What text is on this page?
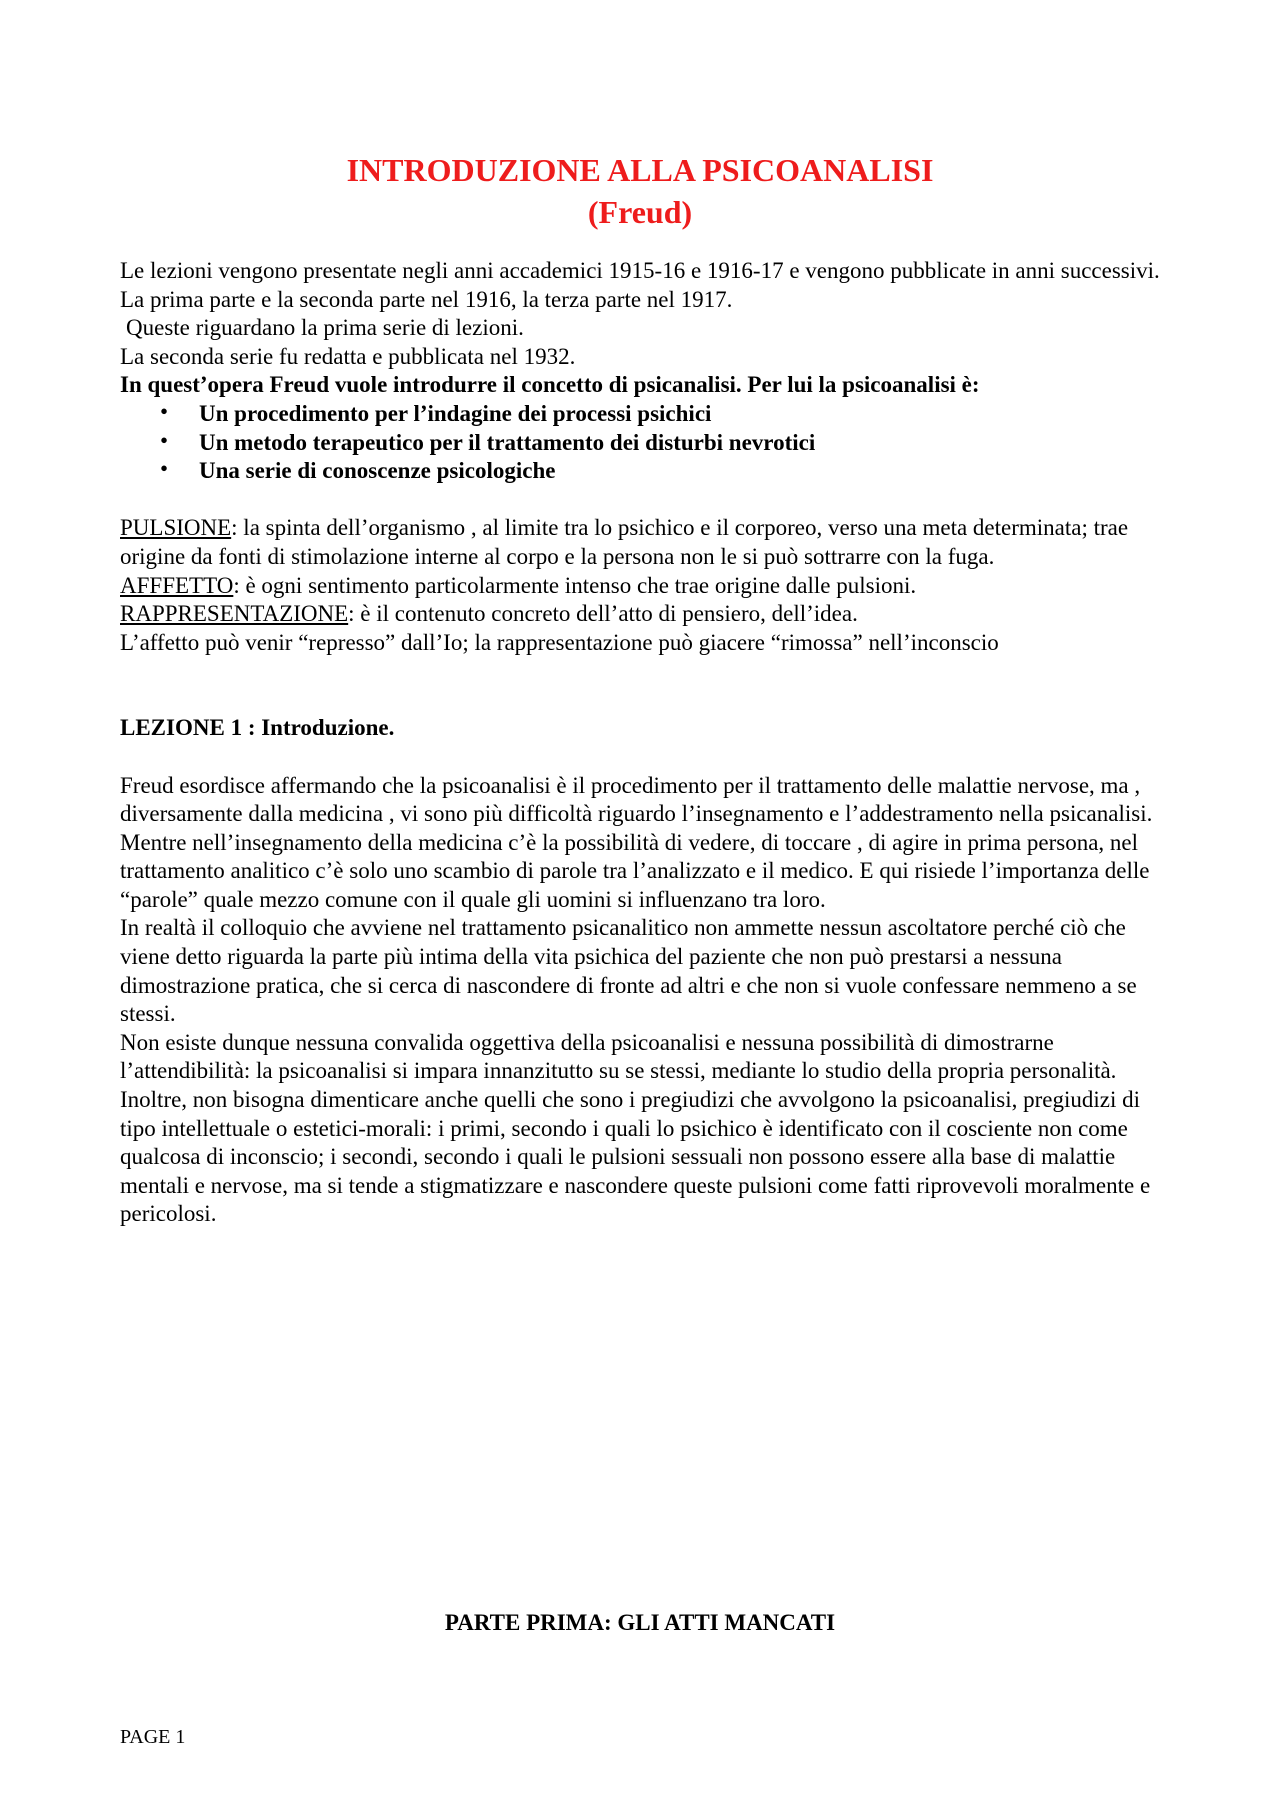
INTRODUZIONE ALLA PSICOANALISI
(Freud)

Le lezioni vengono presentate negli anni accademici 1915-16 e 1916-17 e vengono pubblicate in anni successivi. La prima parte e la seconda parte nel 1916, la terza parte nel 1917.

Queste riguardano la prima serie di lezioni.

La seconda serie fu redatta e pubblicata nel 1932.

In quest’opera Freud vuole introdurre il concetto di psicanalisi. Per lui la psicoanalisi è:

• Un procedimento per l’indagine dei processi psichici
• Un metodo terapeutico per il trattamento dei disturbi nevrotici
• Una serie di conoscenze psicologiche

PULSIONE: la spinta dell’organismo , al limite tra lo psichico e il corporeo, verso una meta determinata; trae origine da fonti di stimolazione interne al corpo e la persona non le si può sottrarre con la fuga.

AFFFETTO: è ogni sentimento particolarmente intenso che trae origine dalle pulsioni.

RAPPRESENTAZIONE: è il contenuto concreto dell’atto di pensiero, dell’idea.

L’affetto può venir “represso” dall’Io; la rappresentazione può giacere “rimossa” nell’inconscio

LEZIONE 1 : Introduzione.

Freud esordisce affermando che la psicoanalisi è il procedimento per il trattamento delle malattie nervose, ma , diversamente dalla medicina , vi sono più difficoltà riguardo l’insegnamento e l’addestramento nella psicanalisi.

Mentre nell’insegnamento della medicina c’è la possibilità di vedere, di toccare , di agire in prima persona, nel trattamento analitico c’è solo uno scambio di parole tra l’analizzato e il medico. E qui risiede l’importanza delle “parole” quale mezzo comune con il quale gli uomini si influenzano tra loro.

In realtà il colloquio che avviene nel trattamento psicanalitico non ammette nessun ascoltatore perché ciò che viene detto riguarda la parte più intima della vita psichica del paziente che non può prestarsi a nessuna dimostrazione pratica, che si cerca di nascondere di fronte ad altri e che non si vuole confessare nemmeno a se stessi.

Non esiste dunque nessuna convalida oggettiva della psicoanalisi e nessuna possibilità di dimostrarne l’attendibilità: la psicoanalisi si impara innanzitutto su se stessi, mediante lo studio della propria personalità.

Inoltre, non bisogna dimenticare anche quelli che sono i pregiudizi che avvolgono la psicoanalisi, pregiudizi di tipo intellettuale o estetici-morali: i primi, secondo i quali lo psichico è identificato con il cosciente non come qualcosa di inconscio; i secondi, secondo i quali le pulsioni sessuali non possono essere alla base di malattie mentali e nervose, ma si tende a stigmatizzare e nascondere queste pulsioni come fatti riprovevoli moralmente e pericolosi.

PARTE PRIMA: GLI ATTI MANCATI
PAGE 1
